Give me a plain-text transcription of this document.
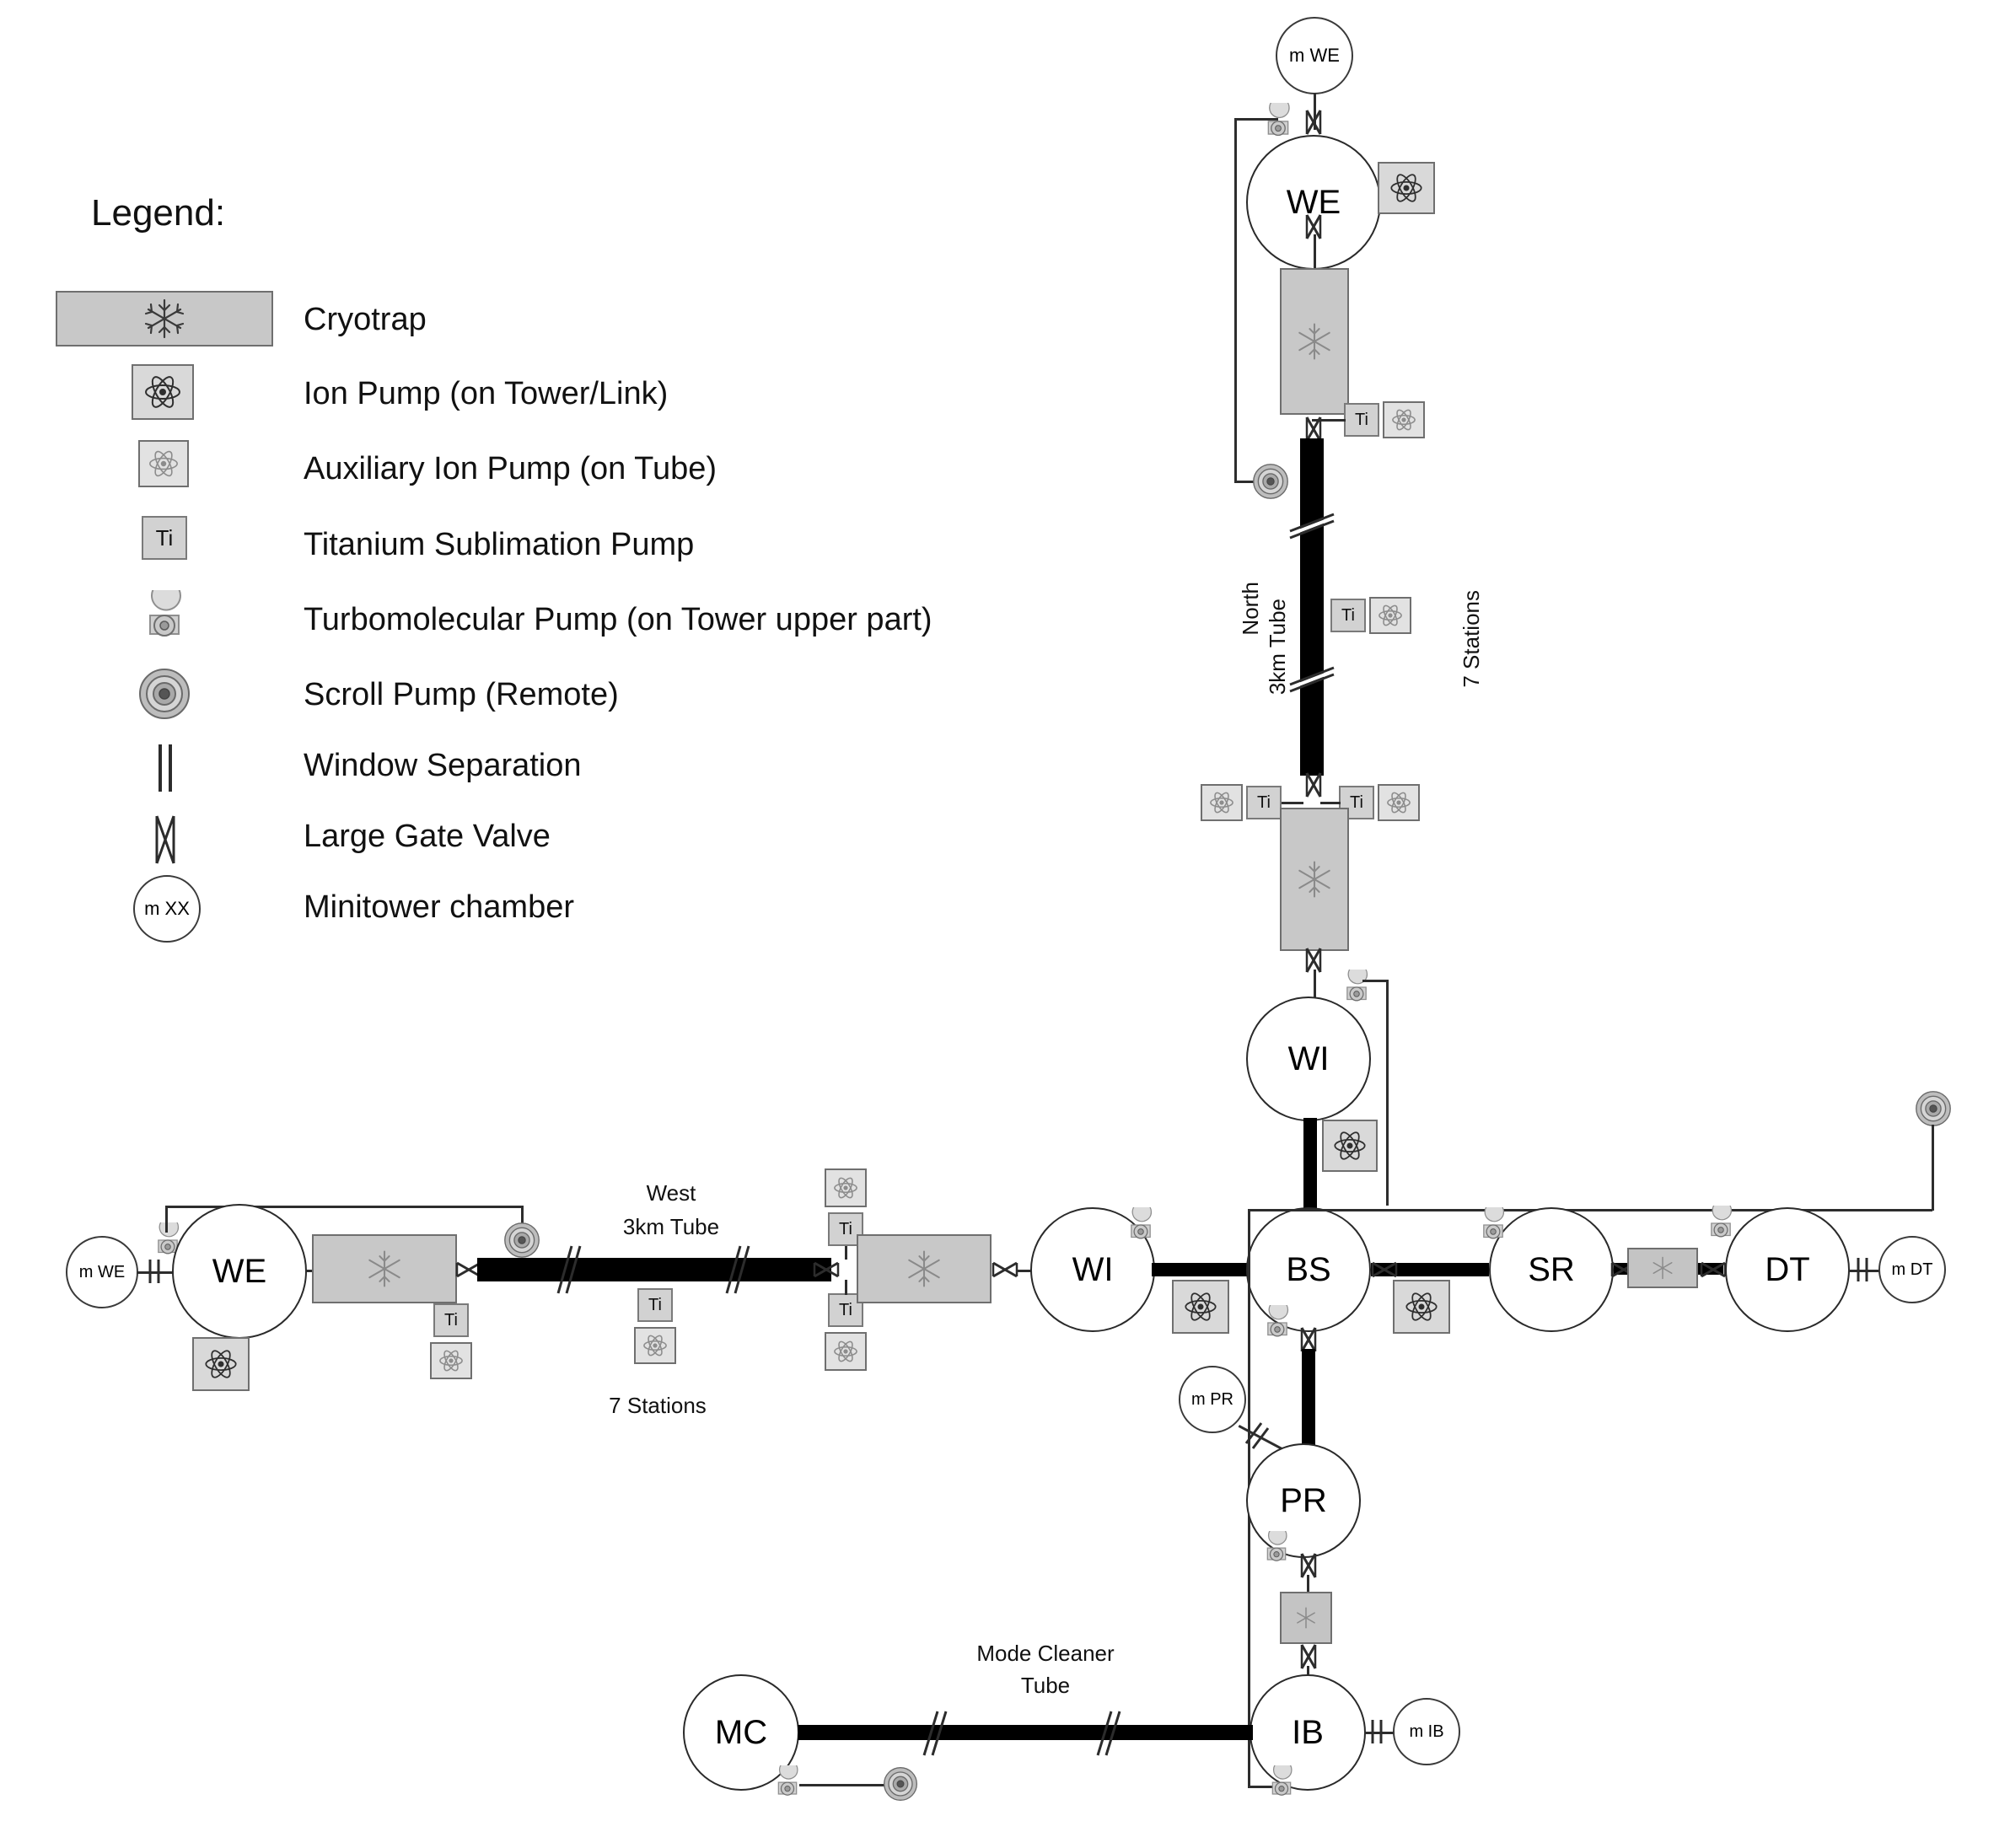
Legend:
Cryotrap
Ion Pump (on Tower/Link)
Auxiliary Ion Pump (on Tube)
Ti	Titanium Sublimation Pump
Turbomolecular Pump (on Tower upper part)
Scroll Pump (Remote)
Window Separation
Large Gate Valve
m XX	Minitower chamber
m WE
WE
Ti
North 3km Tube	7 Stations
Ti
Ti	Ti
WI
m WE	WE
Ti
West
3km Tube
7 Stations
Ti
Ti
Ti
WI	BS	SR	DT	m DT
m PR
PR
IB	m IB
MC
Mode Cleaner
Tube
